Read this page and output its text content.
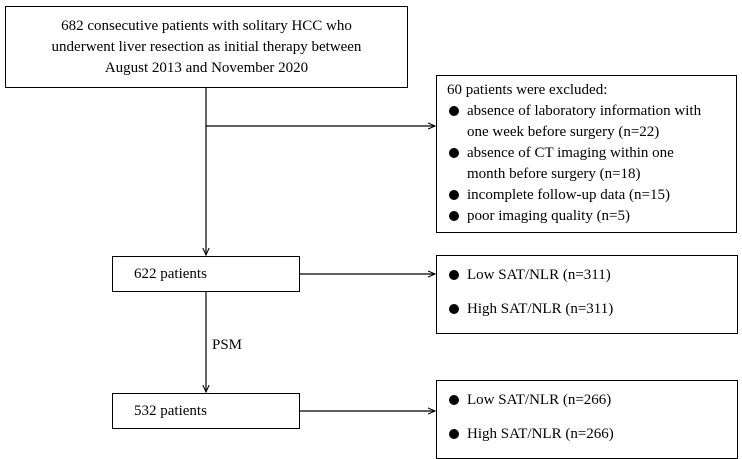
682 consecutive patients with solitary HCC who
underwent liver resection as initial therapy between
August 2013 and November 2020
60 patients were excluded:
absence of laboratory information with
one week before surgery (n=22)
absence of CT imaging within one
month before surgery (n=18)
incomplete follow-up data (n=15)
poor imaging quality (n=5)
622 patients	Low SAT/NLR (n=311)
High SAT/NLR (n=311)
PSM
532 patients
Low SAT/NLR (n=266)
High SAT/NLR (n=266)
